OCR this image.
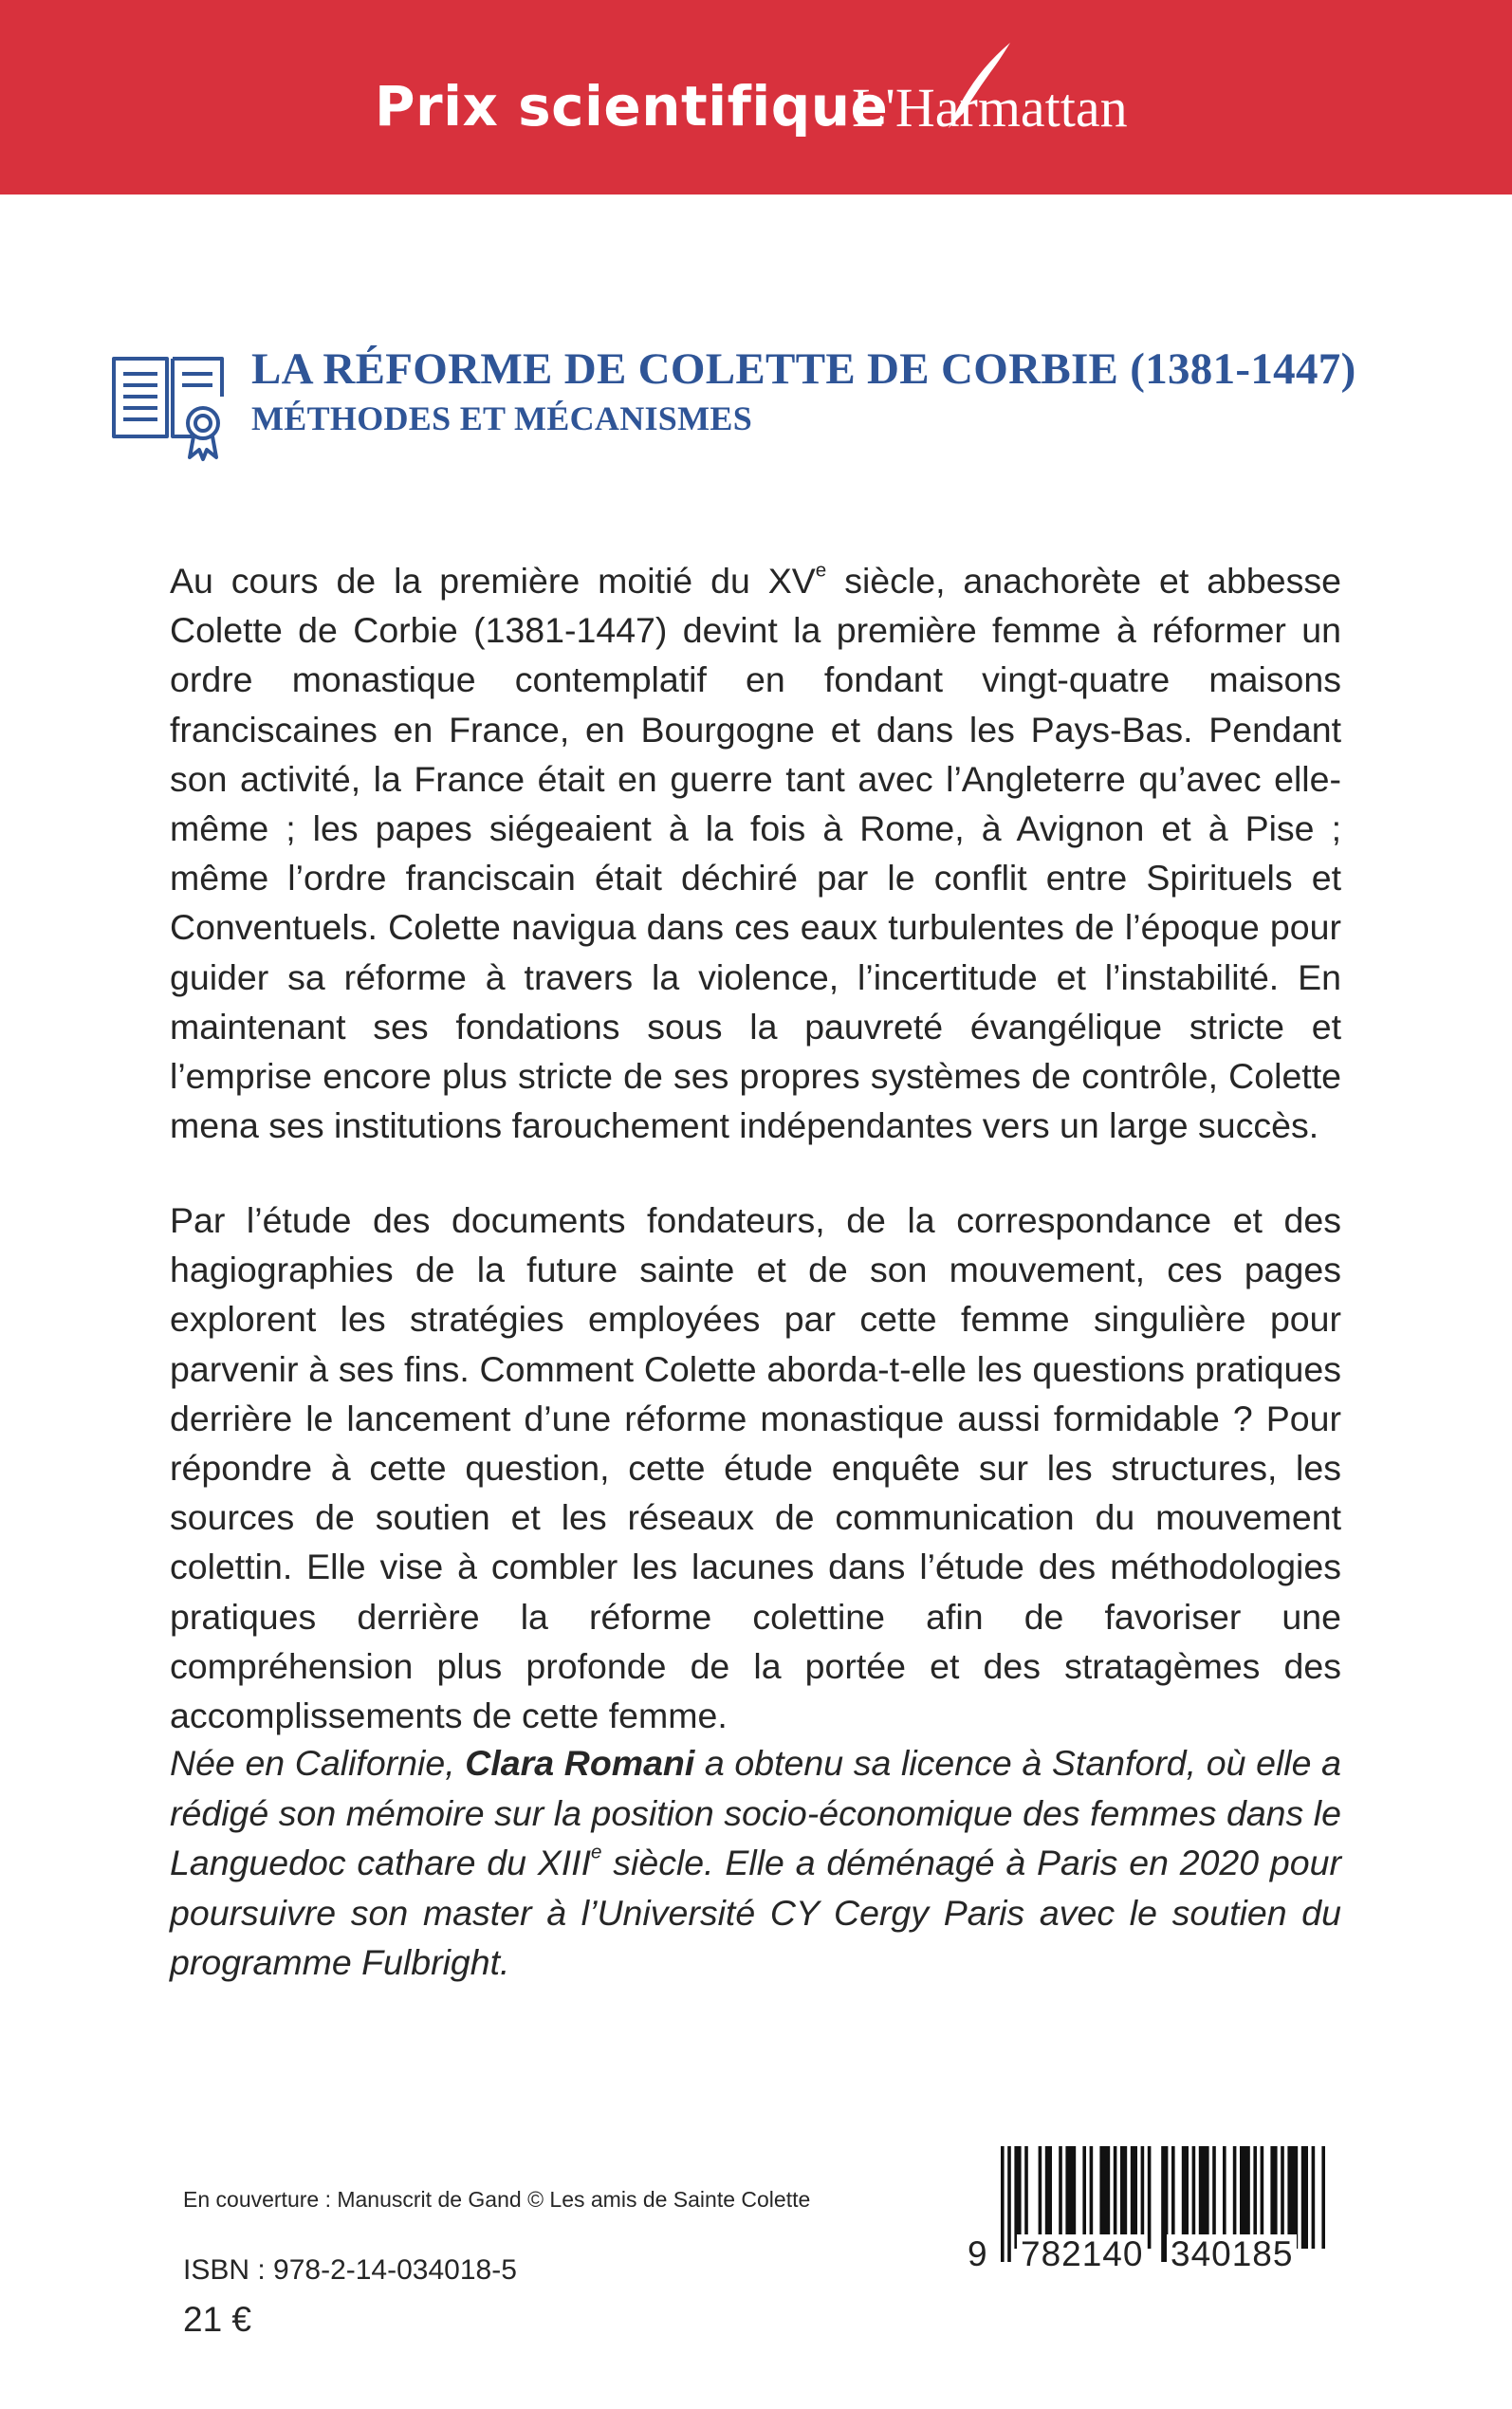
Prix scientifique
L'Harmattan
LA RÉFORME DE COLETTE DE CORBIE (1381-1447)
MÉTHODES ET MÉCANISMES

Au cours de la première moitié du XVe siècle, anachorète et abbesse Colette de Corbie (1381-1447) devint la première femme à réformer un ordre monastique contemplatif en fondant vingt-quatre maisons franciscaines en France, en Bourgogne et dans les Pays-Bas. Pendant son activité, la France était en guerre tant avec l’Angleterre qu’avec elle-même ; les papes siégeaient à la fois à Rome, à Avignon et à Pise ; même l’ordre franciscain était déchiré par le conflit entre Spirituels et Conventuels. Colette navigua dans ces eaux turbulentes de l’époque pour guider sa réforme à travers la violence, l’incertitude et l’instabilité. En maintenant ses fondations sous la pauvreté évangélique stricte et l’emprise encore plus stricte de ses propres systèmes de contrôle, Colette mena ses institutions farouchement indépendantes vers un large succès.

Par l’étude des documents fondateurs, de la correspondance et des hagiographies de la future sainte et de son mouvement, ces pages explorent les stratégies employées par cette femme singulière pour parvenir à ses fins. Comment Colette aborda-t-elle les questions pratiques derrière le lancement d’une réforme monastique aussi formidable ? Pour répondre à cette question, cette étude enquête sur les structures, les sources de soutien et les réseaux de communication du mouvement colettin. Elle vise à combler les lacunes dans l’étude des méthodologies pratiques derrière la réforme colettine afin de favoriser une compréhension plus profonde de la portée et des stratagèmes des accomplissements de cette femme.

Née en Californie, Clara Romani a obtenu sa licence à Stanford, où elle a rédigé son mémoire sur la position socio-économique des femmes dans le Languedoc cathare du XIIIe siècle. Elle a déménagé à Paris en 2020 pour poursuivre son master à l’Université CY Cergy Paris avec le soutien du programme Fulbright.

En couverture : Manuscrit de Gand © Les amis de Sainte Colette
ISBN : 978-2-14-034018-5
21 €
9 782140 340185
